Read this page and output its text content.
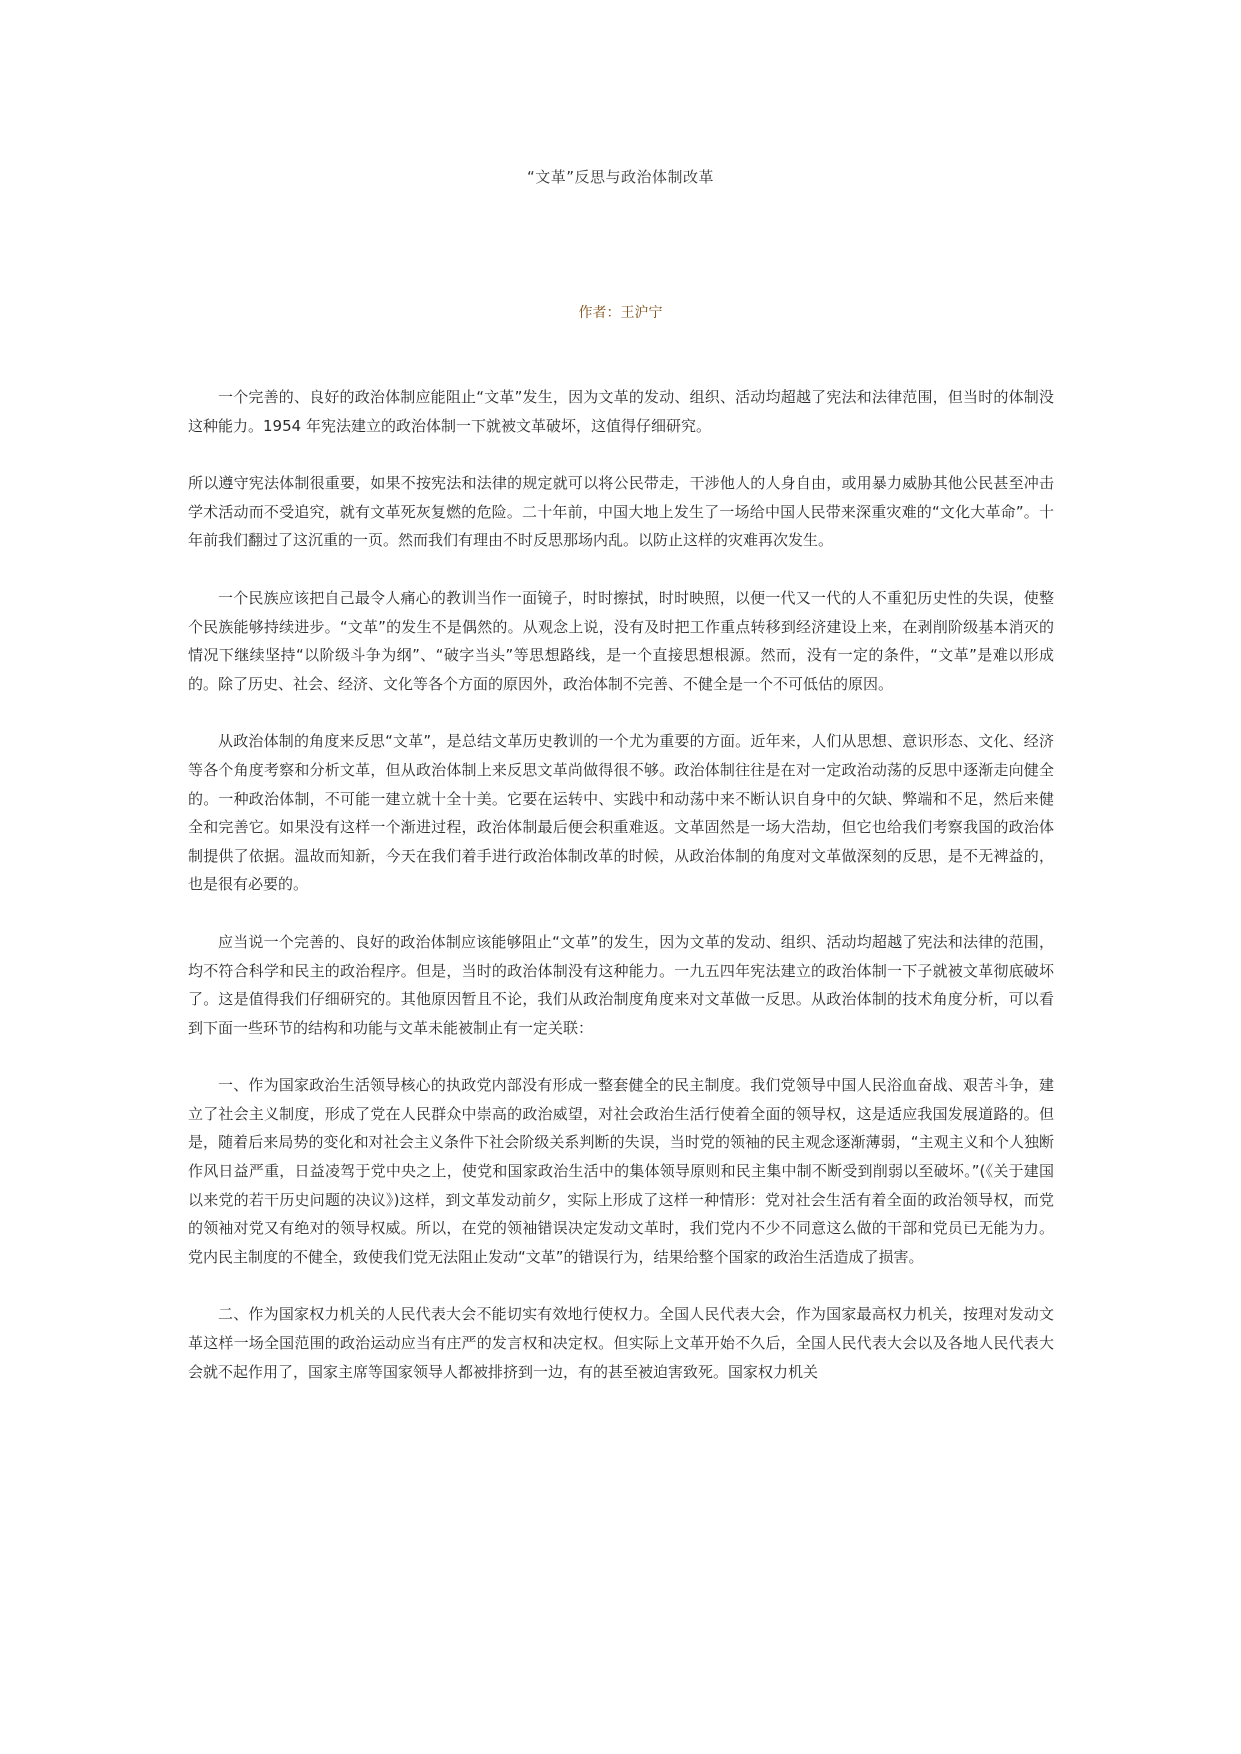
“文革”反思与政治体制改革
作者：王沪宁

一个完善的、良好的政治体制应能阻止“文革”发生，因为文革的发动、组织、活动均超越了宪法和法律范围，但当时的体制没这种能力。1954 年宪法建立的政治体制一下就被文革破坏，这值得仔细研究。

所以遵守宪法体制很重要，如果不按宪法和法律的规定就可以将公民带走，干涉他人的人身自由，或用暴力威胁其他公民甚至冲击学术活动而不受追究，就有文革死灰复燃的危险。二十年前，中国大地上发生了一场给中国人民带来深重灾难的“文化大革命”。十年前我们翻过了这沉重的一页。然而我们有理由不时反思那场内乱。以防止这样的灾难再次发生。

一个民族应该把自己最令人痛心的教训当作一面镜子，时时擦拭，时时映照，以便一代又一代的人不重犯历史性的失误，使整个民族能够持续进步。“文革”的发生不是偶然的。从观念上说，没有及时把工作重点转移到经济建设上来，在剥削阶级基本消灭的情况下继续坚持“以阶级斗争为纲”、“破字当头”等思想路线，是一个直接思想根源。然而，没有一定的条件，“文革”是难以形成的。除了历史、社会、经济、文化等各个方面的原因外，政治体制不完善、不健全是一个不可低估的原因。

从政治体制的角度来反思“文革”，是总结文革历史教训的一个尤为重要的方面。近年来，人们从思想、意识形态、文化、经济等各个角度考察和分析文革，但从政治体制上来反思文革尚做得很不够。政治体制往往是在对一定政治动荡的反思中逐渐走向健全的。一种政治体制，不可能一建立就十全十美。它要在运转中、实践中和动荡中来不断认识自身中的欠缺、弊端和不足，然后来健全和完善它。如果没有这样一个渐进过程，政治体制最后便会积重难返。文革固然是一场大浩劫，但它也给我们考察我国的政治体制提供了依据。温故而知新，今天在我们着手进行政治体制改革的时候，从政治体制的角度对文革做深刻的反思，是不无裨益的，也是很有必要的。

应当说一个完善的、良好的政治体制应该能够阻止“文革”的发生，因为文革的发动、组织、活动均超越了宪法和法律的范围，均不符合科学和民主的政治程序。但是，当时的政治体制没有这种能力。一九五四年宪法建立的政治体制一下子就被文革彻底破坏了。这是值得我们仔细研究的。其他原因暂且不论，我们从政治制度角度来对文革做一反思。从政治体制的技术角度分析，可以看到下面一些环节的结构和功能与文革未能被制止有一定关联：

一、作为国家政治生活领导核心的执政党内部没有形成一整套健全的民主制度。我们党领导中国人民浴血奋战、艰苦斗争，建立了社会主义制度，形成了党在人民群众中崇高的政治威望，对社会政治生活行使着全面的领导权，这是适应我国发展道路的。但是，随着后来局势的变化和对社会主义条件下社会阶级关系判断的失误，当时党的领袖的民主观念逐渐薄弱，“主观主义和个人独断作风日益严重，日益凌驾于党中央之上，使党和国家政治生活中的集体领导原则和民主集中制不断受到削弱以至破坏。”(《关于建国以来党的若干历史问题的决议》)这样，到文革发动前夕，实际上形成了这样一种情形：党对社会生活有着全面的政治领导权，而党的领袖对党又有绝对的领导权威。所以，在党的领袖错误决定发动文革时，我们党内不少不同意这么做的干部和党员已无能为力。党内民主制度的不健全，致使我们党无法阻止发动“文革”的错误行为，结果给整个国家的政治生活造成了损害。

二、作为国家权力机关的人民代表大会不能切实有效地行使权力。全国人民代表大会，作为国家最高权力机关，按理对发动文革这样一场全国范围的政治运动应当有庄严的发言权和决定权。但实际上文革开始不久后，全国人民代表大会以及各地人民代表大会就不起作用了，国家主席等国家领导人都被排挤到一边，有的甚至被迫害致死。国家权力机关
